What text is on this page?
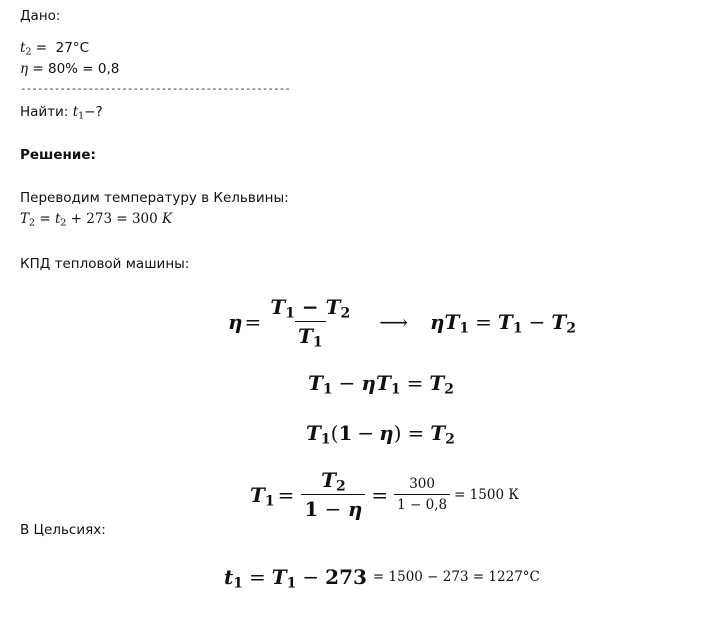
Дано:
$t_2 = 27^\circ С$
η = 80% = 0,8
------------------------------------------------
Найти: $t_1-$?
Решение:
Переводим температуру в Кельвины:
$T_2 = t_2 + 273 = 300$ K
КПД тепловой машины:
$\eta = \frac{T_1 - T_2}{T_1}$ ⟶ $\eta T_1 = T_1 - T_2$
$T_1 - \eta T_1 = T_2$
$T_1$ ( 1 − η ) = $T_2$
$T_1 = \frac{T_2}{1 - \eta} = \frac{300}{1 - 0,8} = 1500$ К
В Цельсиях:
$t_1 = T_1 - 273 = 1500 - 273 = 1227^\circ С$
